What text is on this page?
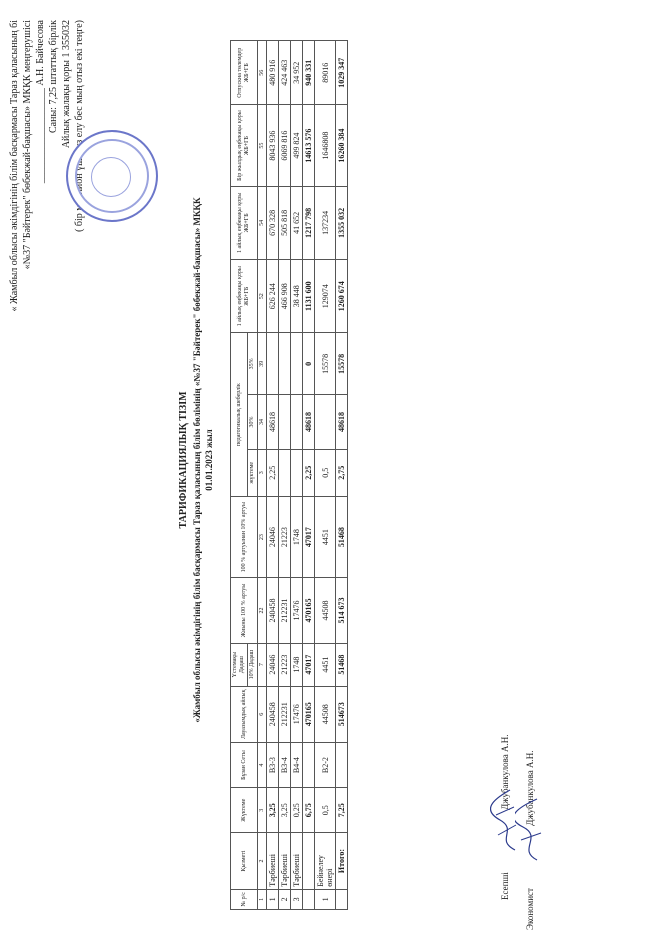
« Жамбыл облысы әкімдігінің білім басқармасы Тараз қаласының бі «№37 "Бәйтерек" бөбекжай-бақшасы» МКҚК меңгерушісі ___________________ А.Н. Байчесова Саны: 7,25 штаттық бірлік Айлық жалақы қоры 1 355032 ( бір миллион үш жүз елу бес мың отыз екі теңге)
ТАРИФИКАЦИЯЛЫҚ ТІЗІМ «Жамбыл облысы әкімдігінің білім басқармасы Тараз қаласының білім бөлімінің «№37 "Бәйтерек" бөбекжай-бақшасы» МКҚК 01.01.2023 жыл
№ р/с	Қызметі	Жүктеме	Бұзан Сеты	Лауазымдық айлық	Үстемақы Дадаш	Жиыны 100 % артуы	100 % артуынан 10% артуы	педагогикалық шеберлік			1 айлық еңбекақы қоры ЖБ+ГБ	1 айлық еңбекақы қоры ЖБ+ГБ	Бір жылдық еңбекақы қоры ЖБ+ГБ	Отпускна төлемдер ЖБ+ГБ
					10% Дадаш			жүктеме	30%	35%				
1	2	3	4	6	7	22	23	3	34	39	52	54	55	56
1	Тәрбиеші	3,25	В3-3	240458	24046	240458	24046	2,25	48618		626 244	670 328	8043 936	480 916
2	Тәрбиеші	3,25	В3-4	212231	21223	212231	21223				466 908	505 818	6069 816	424 463
3	Тәрбиеші	0,25	В4-4	17476	1748	17476	1748				38 448	41 652	499 824	34 952
		6,75		470165	47017	470165	47017	2,25	48618	0	1131 600	1217 798	14613 576	940 331
1	Бейнелеу өнері	0,5	В2-2	44508	4451	44508	4451	0,5		15578	129074	137234	1646808	89016
	Итого:	7,25		514673	51468	514 673	51468	2,75	48618	15578	1260 674	1355 032	16260 384	1029 347
Есепші Джубанкулова А.Н.
Экономист Джубанкулова А.Н.
